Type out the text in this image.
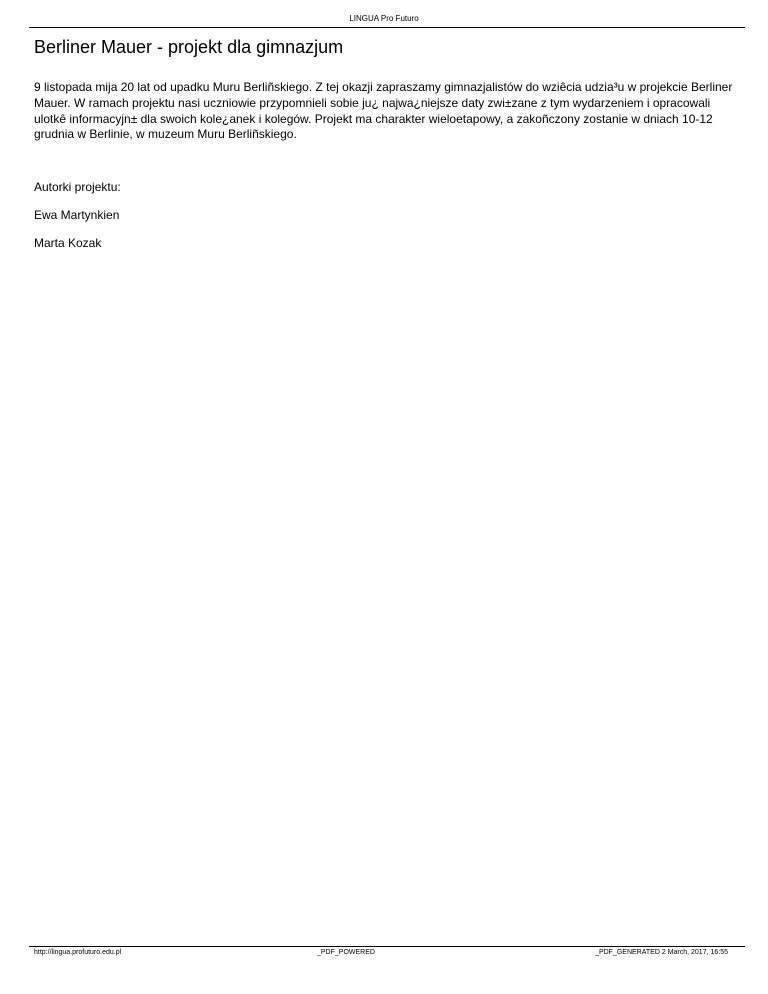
LINGUA Pro Futuro
Berliner Mauer - projekt dla gimnazjum

9 listopada mija 20 lat od upadku Muru Berliñskiego. Z tej okazji zapraszamy gimnazjalistów do wziêcia udzia³u w projekcie Berliner Mauer. W ramach projektu nasi uczniowie przypomnieli sobie ju¿ najwa¿niejsze daty zwi±zane z tym wydarzeniem i opracowali ulotkê informacyjn± dla swoich kole¿anek i kolegów. Projekt ma charakter wieloetapowy, a zakoñczony zostanie w dniach 10-12 grudnia w Berlinie, w muzeum Muru Berliñskiego.

Autorki projektu:

Ewa Martynkien

Marta Kozak

http://lingua.profuturo.edu.pl	_PDF_POWERED	_PDF_GENERATED 2 March, 2017, 16:55
